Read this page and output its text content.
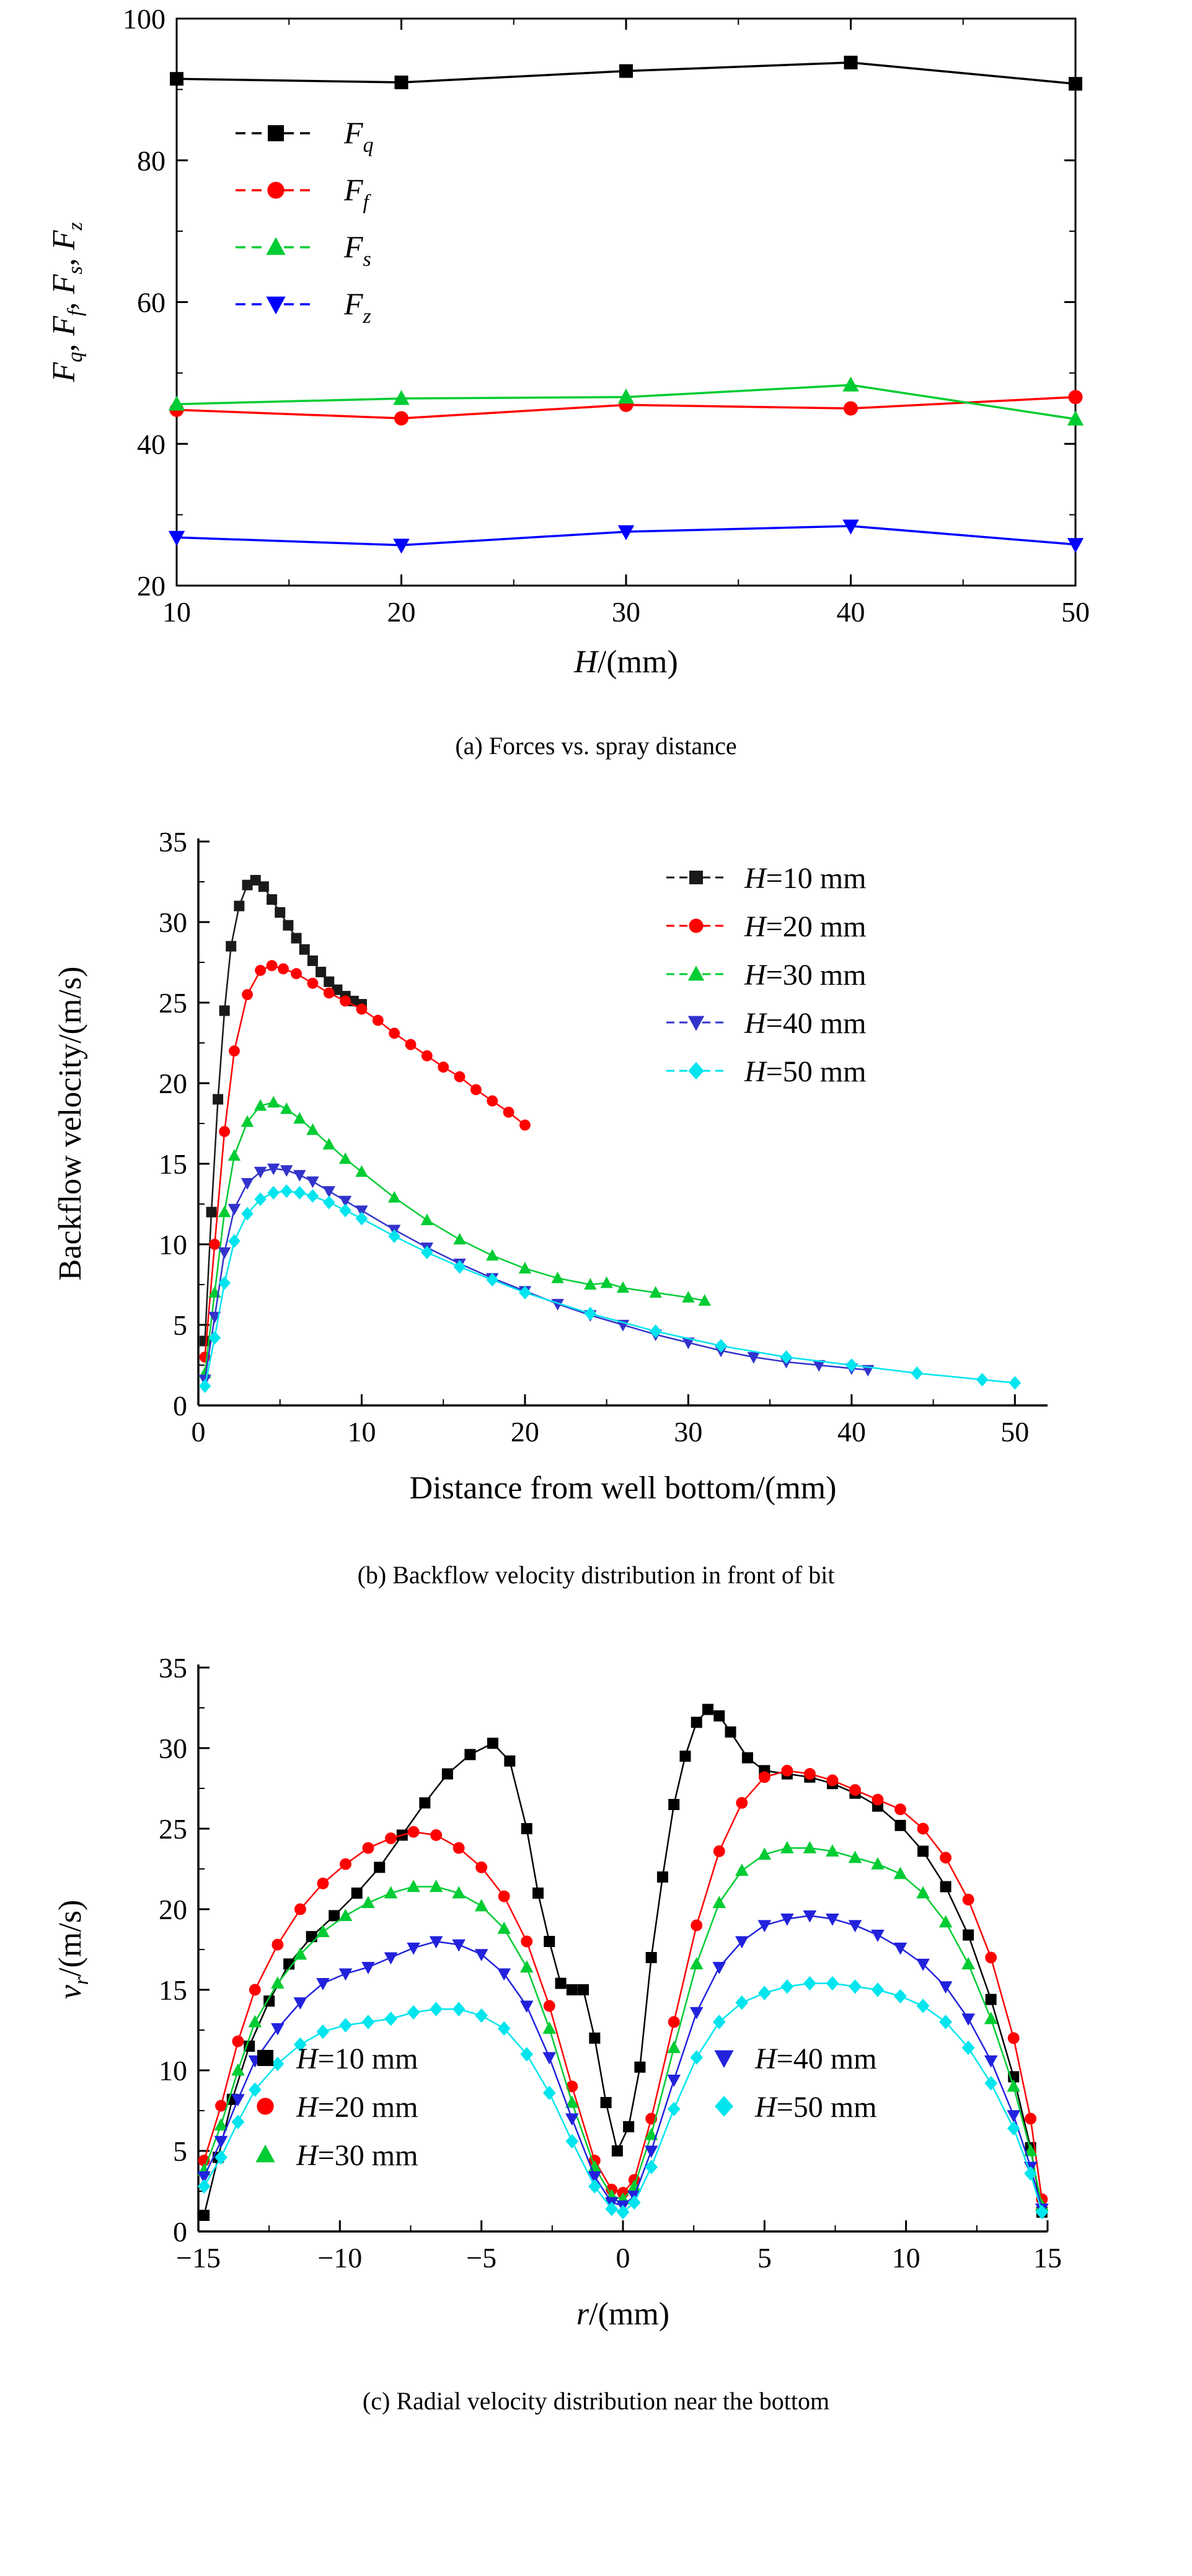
10	20	30	40	50
20
40
60
80
100
H/(mm)
$F_q$, $F_f$, $F_s$, $F_z$
$F_q$
$F_f$
$F_s$
$F_z$
(a) Forces vs. spray distance
0	10	20	30	40	50
0
5
10
15
20
25
30
35
Distance from well bottom/(mm)
Backflow velocity/(m/s)
H=10 mm
H=20 mm
H=30 mm
H=40 mm
H=50 mm
(b) Backflow velocity distribution in front of bit
−15	−10	−5	0	5	10	15
0
5
10
15
20
25
30
35
r/(mm)
$v_r/(m/s)$
H=10 mm
H=20 mm
H=30 mm
H=40 mm
H=50 mm
(c) Radial velocity distribution near the bottom
